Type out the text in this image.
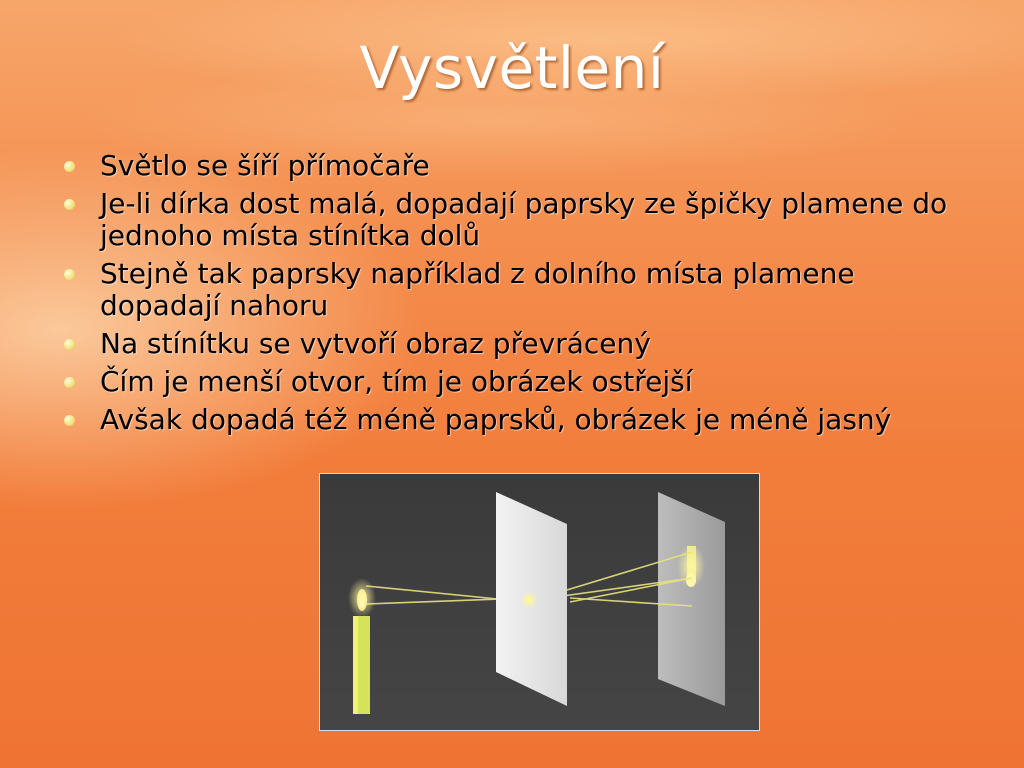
Vysvětlení
Světlo se šíří přímočaře
Je-li dírka dost malá, dopadají paprsky ze špičky plamene do jednoho místa stínítka dolů
Stejně tak paprsky například z dolního místa plamene dopadají nahoru
Na stínítku se vytvoří obraz převrácený
Čím je menší otvor, tím je obrázek ostřejší
Avšak dopadá též méně paprsků, obrázek je méně jasný
